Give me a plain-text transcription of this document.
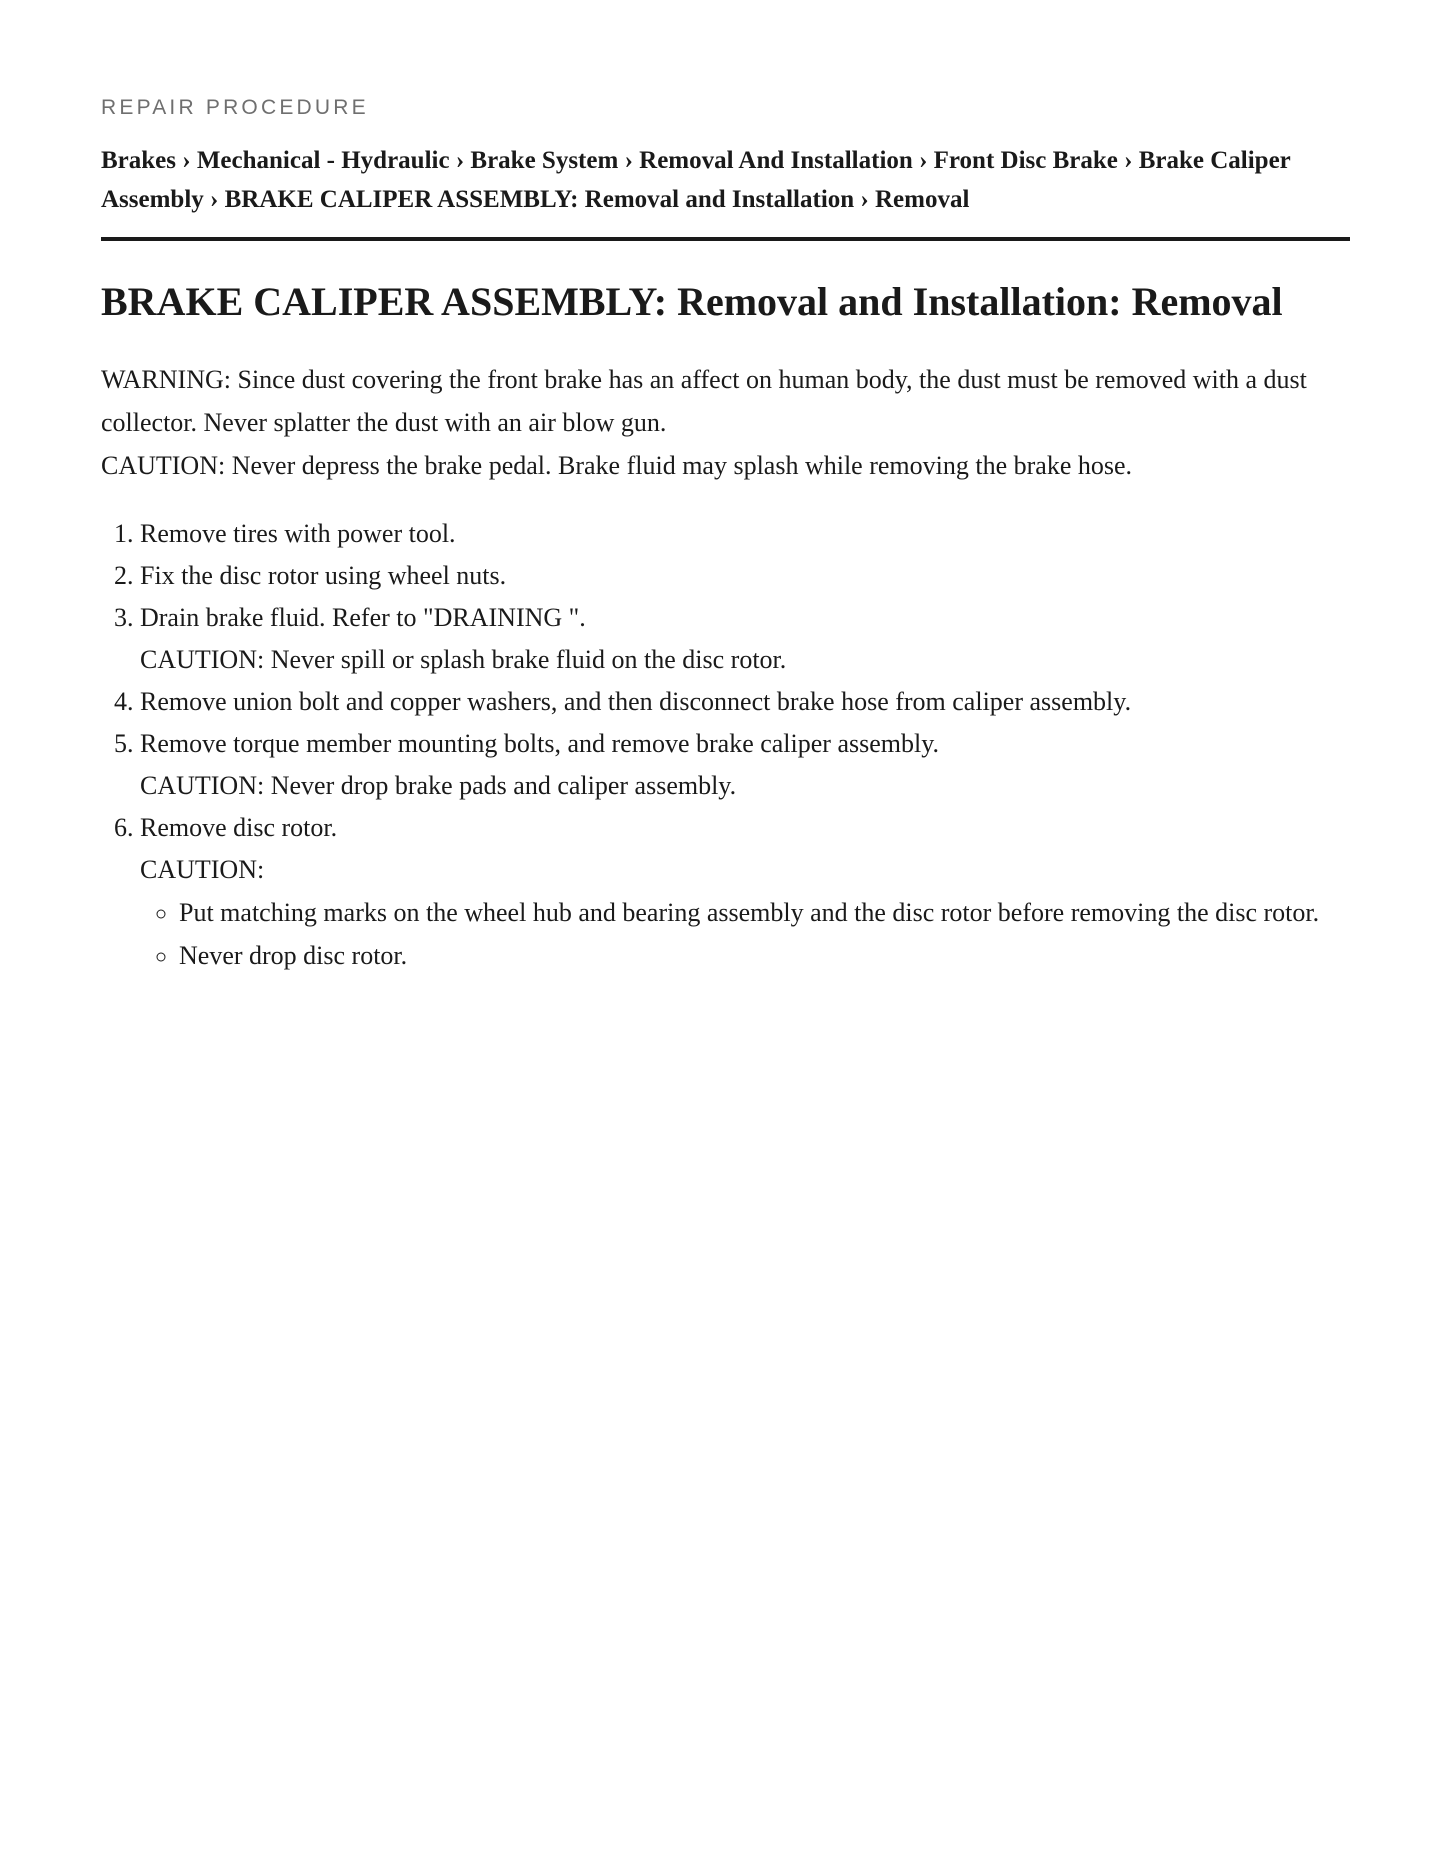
REPAIR PROCEDURE
Brakes › Mechanical - Hydraulic › Brake System › Removal And Installation › Front Disc Brake › Brake Caliper Assembly › BRAKE CALIPER ASSEMBLY: Removal and Installation › Removal
BRAKE CALIPER ASSEMBLY: Removal and Installation: Removal

WARNING: Since dust covering the front brake has an affect on human body, the dust must be removed with a dust collector. Never splatter the dust with an air blow gun.

CAUTION: Never depress the brake pedal. Brake fluid may splash while removing the brake hose.

1. Remove tires with power tool.
2. Fix the disc rotor using wheel nuts.
3. Drain brake fluid. Refer to "DRAINING ".
CAUTION: Never spill or splash brake fluid on the disc rotor.
4. Remove union bolt and copper washers, and then disconnect brake hose from caliper assembly.
5. Remove torque member mounting bolts, and remove brake caliper assembly.
CAUTION: Never drop brake pads and caliper assembly.
6. Remove disc rotor.
CAUTION:
◦ Put matching marks on the wheel hub and bearing assembly and the disc rotor before removing the disc rotor.
◦ Never drop disc rotor.
